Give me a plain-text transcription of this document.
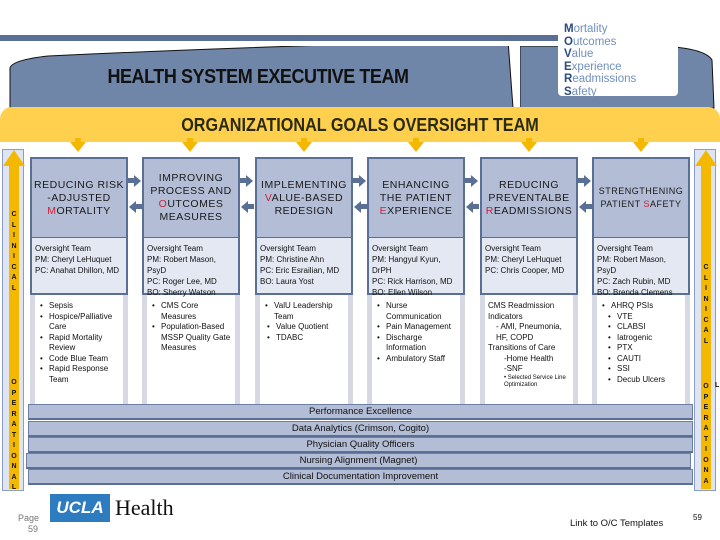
HEALTH SYSTEM EXECUTIVE TEAM
Mortality
Outcomes
Value
Experience
Readmissions
Safety
ORGANIZATIONAL GOALS OVERSIGHT TEAM
C
L
I
N
I
C
A
L
O
P
E
R
A
T
I
O
N
A
L
C
L
I
N
I
C
A
L
O
P
E
R
A
T
I
O
N
A
L
REDUCING RISK -ADJUSTED MORTALITY
Oversight Team
PM: Cheryl LeHuquet
PC: Anahat Dhillon, MD
• Sepsis
• Hospice/Palliative Care
• Rapid Mortality Review
• Code Blue Team
• Rapid Response Team
IMPROVING PROCESS AND OUTCOMES MEASURES
Oversight Team
PM: Robert Mason, PsyD
PC: Roger Lee, MD
BO: Sherry Watson
• CMS Core Measures
• Population-Based MSSP Quality Gate Measures
IMPLEMENTING VALUE-BASED REDESIGN
Oversight Team
PM: Christine Ahn
PC: Eric Esrailian, MD
BO: Laura Yost
• ValU Leadership Team
• Value Quotient
• TDABC
ENHANCING THE PATIENT EXPERIENCE
Oversight Team
PM: Hangyul Kyun, DrPH
PC: Rick Harrison, MD
BO: Ellen Wilson
• Nurse Communication
• Pain Management
• Discharge Information
• Ambulatory Staff
REDUCING PREVENTALBE READMISSIONS
Oversight Team
PM: Cheryl LeHuquet
PC: Chris Cooper, MD
CMS Readmission Indicators
- AMI, Pneumonia, HF, COPD
Transitions of Care
-Home Health
-SNF
• Selected Service Line Optimization
STRENGTHENING PATIENT SAFETY
Oversight Team
PM: Robert Mason, PsyD
PC: Zach Rubin, MD
BO: Brenda Clemens
• AHRQ PSIs
• VTE
• CLABSI
• Iatrogenic
• PTX
• CAUTI
• SSI
• Decub Ulcers
Performance Excellence
Data Analytics (Crimson, Cogito)
Physician Quality Officers
Nursing Alignment (Magnet)
Clinical Documentation Improvement
Page
59
UCLA Health
Link to O/C Templates
59
